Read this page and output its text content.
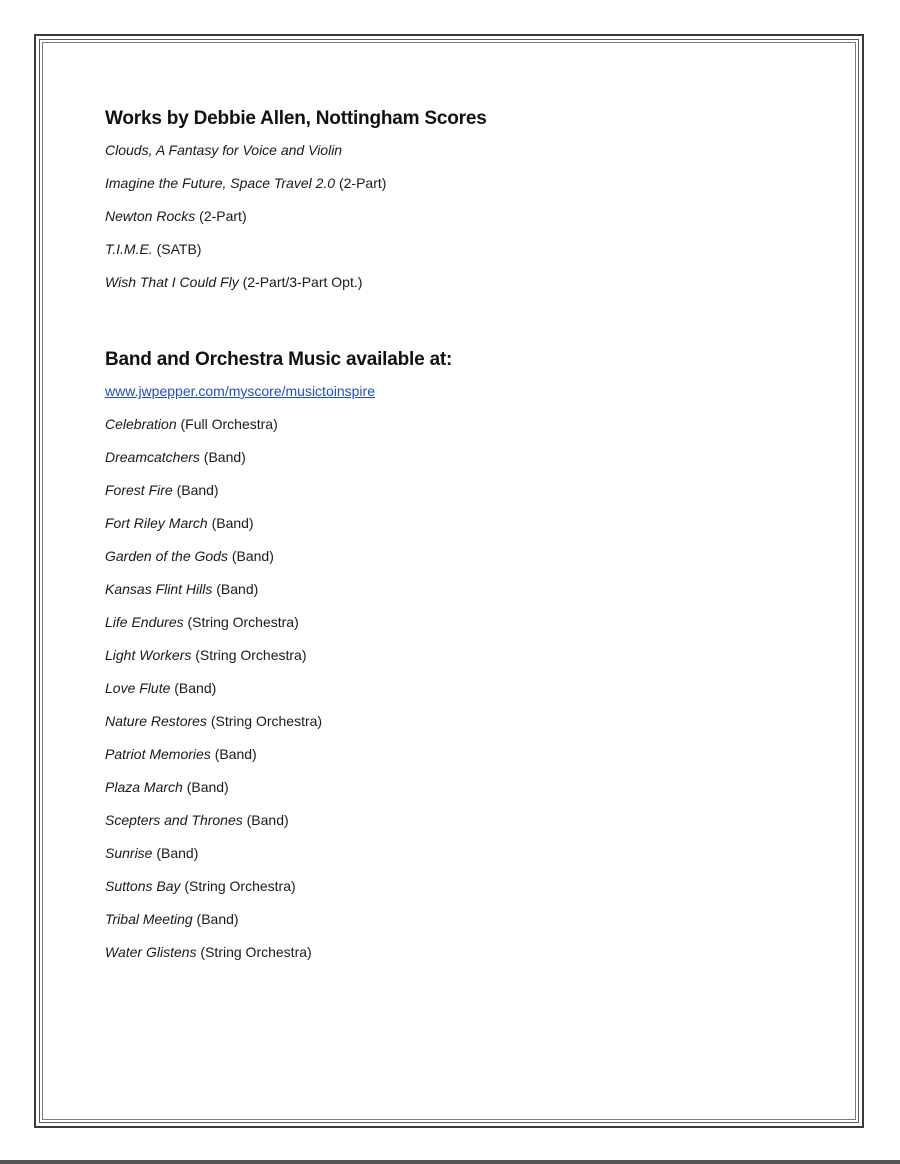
Works by Debbie Allen, Nottingham Scores
Clouds, A Fantasy for Voice and Violin
Imagine the Future, Space Travel 2.0 (2-Part)
Newton Rocks (2-Part)
T.I.M.E. (SATB)
Wish That I Could Fly (2-Part/3-Part Opt.)
Band and Orchestra Music available at:
www.jwpepper.com/myscore/musictoinspire
Celebration (Full Orchestra)
Dreamcatchers (Band)
Forest Fire (Band)
Fort Riley March (Band)
Garden of the Gods (Band)
Kansas Flint Hills (Band)
Life Endures (String Orchestra)
Light Workers (String Orchestra)
Love Flute (Band)
Nature Restores (String Orchestra)
Patriot Memories (Band)
Plaza March (Band)
Scepters and Thrones (Band)
Sunrise (Band)
Suttons Bay (String Orchestra)
Tribal Meeting (Band)
Water Glistens (String Orchestra)
